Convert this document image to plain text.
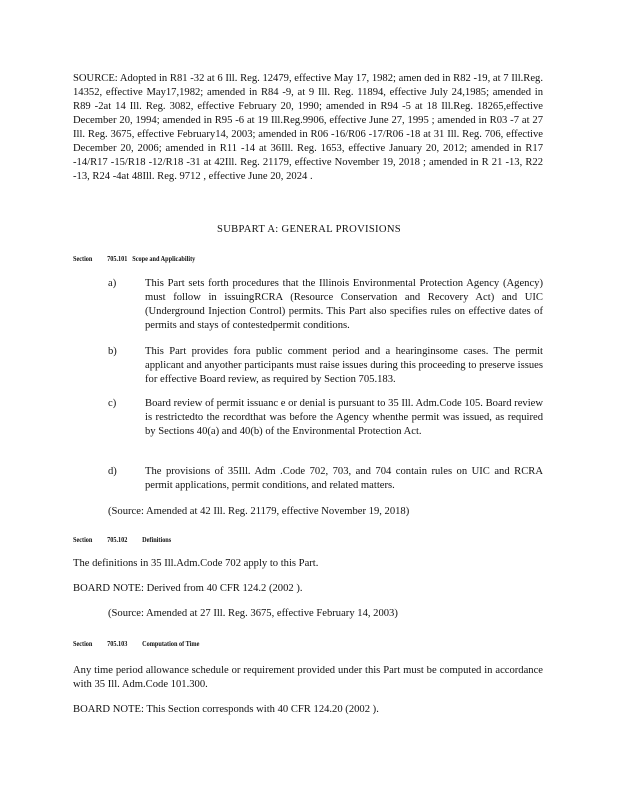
SOURCE: Adopted in R81 -32 at 6 Ill. Reg. 12479, effective May 17, 1982; amen ded in R82 -19, at 7 Ill.Reg. 14352, effective May17,1982; amended in R84 -9, at 9 Ill. Reg. 11894, effective July 24,1985; amended in R89 -2at 14 Ill. Reg. 3082, effective February 20, 1990; amended in R94 -5 at 18 Ill.Reg. 18265,effective December 20, 1994; amended in R95 -6 at 19 Ill.Reg.9906, effective June 27, 1995 ; amended in R03 -7 at 27 Ill. Reg. 3675, effective February14, 2003; amended in R06 -16/R06 -17/R06 -18 at 31 Ill. Reg. 706, effective December 20, 2006; amended in R11 -14 at 36Ill. Reg. 1653, effective January 20, 2012; amended in R17 -14/R17 -15/R18 -12/R18 -31 at 42Ill. Reg. 21179, effective November 19, 2018 ; amended in R 21 -13, R22 -13, R24 -4at 48Ill. Reg. 9712 , effective June 20, 2024 .

SUBPART A: GENERAL PROVISIONS
Section 705.101 Scope and Applicability
a)	This Part sets forth procedures that the Illinois Environmental Protection Agency (Agency) must follow in issuingRCRA (Resource Conservation and Recovery Act) and UIC (Underground Injection Control) permits. This Part also specifies rules on effective dates of permits and stays of contestedpermit conditions.

b)	This Part provides fora public comment period and a hearinginsome cases. The permit applicant and anyother participants must raise issues during this proceeding to preserve issues for effective Board review, as required by Section 705.183.

c)	Board review of permit issuanc e or denial is pursuant to 35 Ill. Adm.Code 105. Board review is restrictedto the recordthat was before the Agency whenthe permit was issued, as required by Sections 40(a) and 40(b) of the Environmental Protection Act.

d)	The provisions of 35Ill. Adm .Code 702, 703, and 704 contain rules on UIC and RCRA permit applications, permit conditions, and related matters.

(Source: Amended at 42 Ill. Reg. 21179, effective November 19, 2018)
Section 705.102 Definitions
The definitions in 35 Ill.Adm.Code 702 apply to this Part.
BOARD NOTE: Derived from 40 CFR 124.2 (2002 ).
(Source: Amended at 27 Ill. Reg. 3675, effective February 14, 2003)
Section 705.103 Computation of Time

Any time period allowance schedule or requirement provided under this Part must be computed in accordance with 35 Ill. Adm.Code 101.300.

BOARD NOTE: This Section corresponds with 40 CFR 124.20 (2002 ).
